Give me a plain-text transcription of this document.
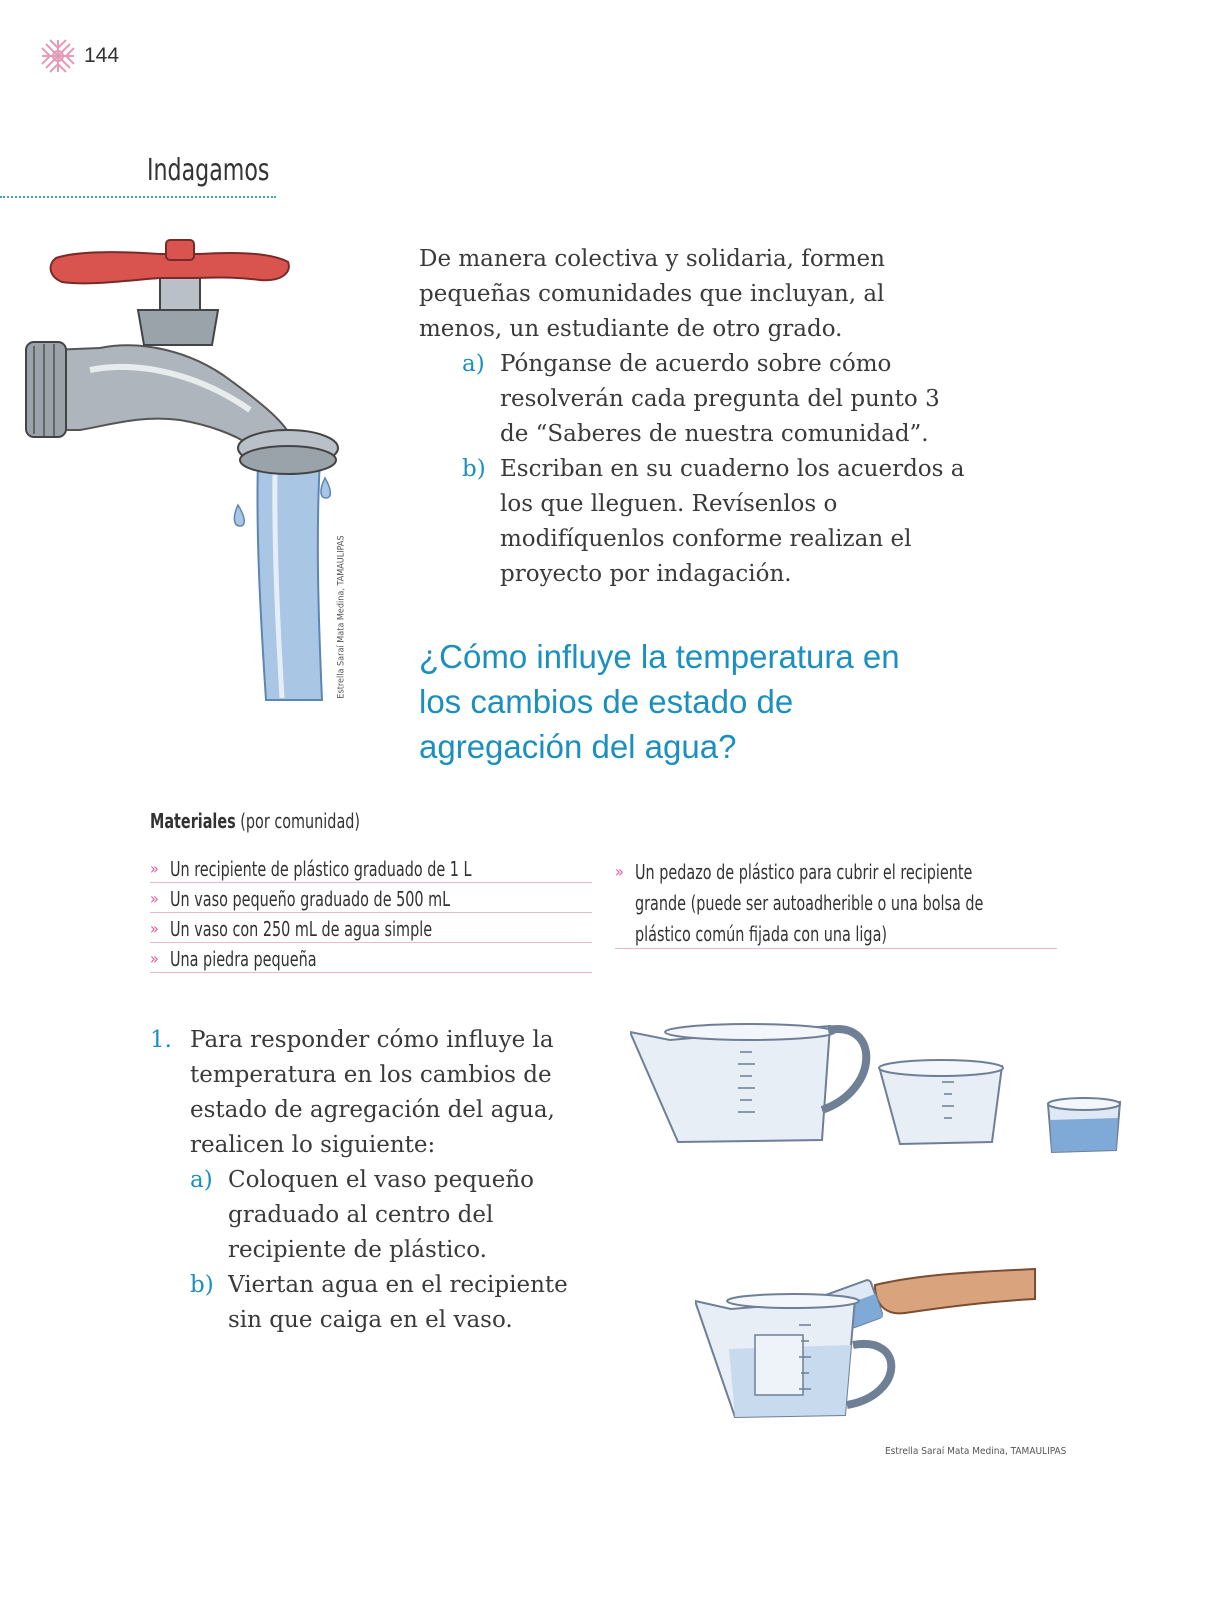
144
Indagamos
Estrella Saraí Mata Medina, TAMAULIPAS

De manera colectiva y solidaria, formen pequeñas comunidades que incluyan, al menos, un estudiante de otro grado.

a) Pónganse de acuerdo sobre cómo resolverán cada pregunta del punto 3 de “Saberes de nuestra comunidad”.
b) Escriban en su cuaderno los acuerdos a los que lleguen. Revísenlos o modifíquenlos conforme realizan el proyecto por indagación.
¿Cómo influye la temperatura en los cambios de estado de agregación del agua?
Materiales (por comunidad)
» Un recipiente de plástico graduado de 1 L
» Un vaso pequeño graduado de 500 mL
» Un vaso con 250 mL de agua simple
» Una piedra pequeña
» Un pedazo de plástico para cubrir el recipiente
grande (puede ser autoadherible o una bolsa de
plástico común fijada con una liga)
1. Para responder cómo influye la temperatura en los cambios de estado de agregación del agua, realicen lo siguiente:
a) Coloquen el vaso pequeño graduado al centro del recipiente de plástico.
b) Viertan agua en el recipiente sin que caiga en el vaso.
Estrella Saraí Mata Medina, TAMAULIPAS
